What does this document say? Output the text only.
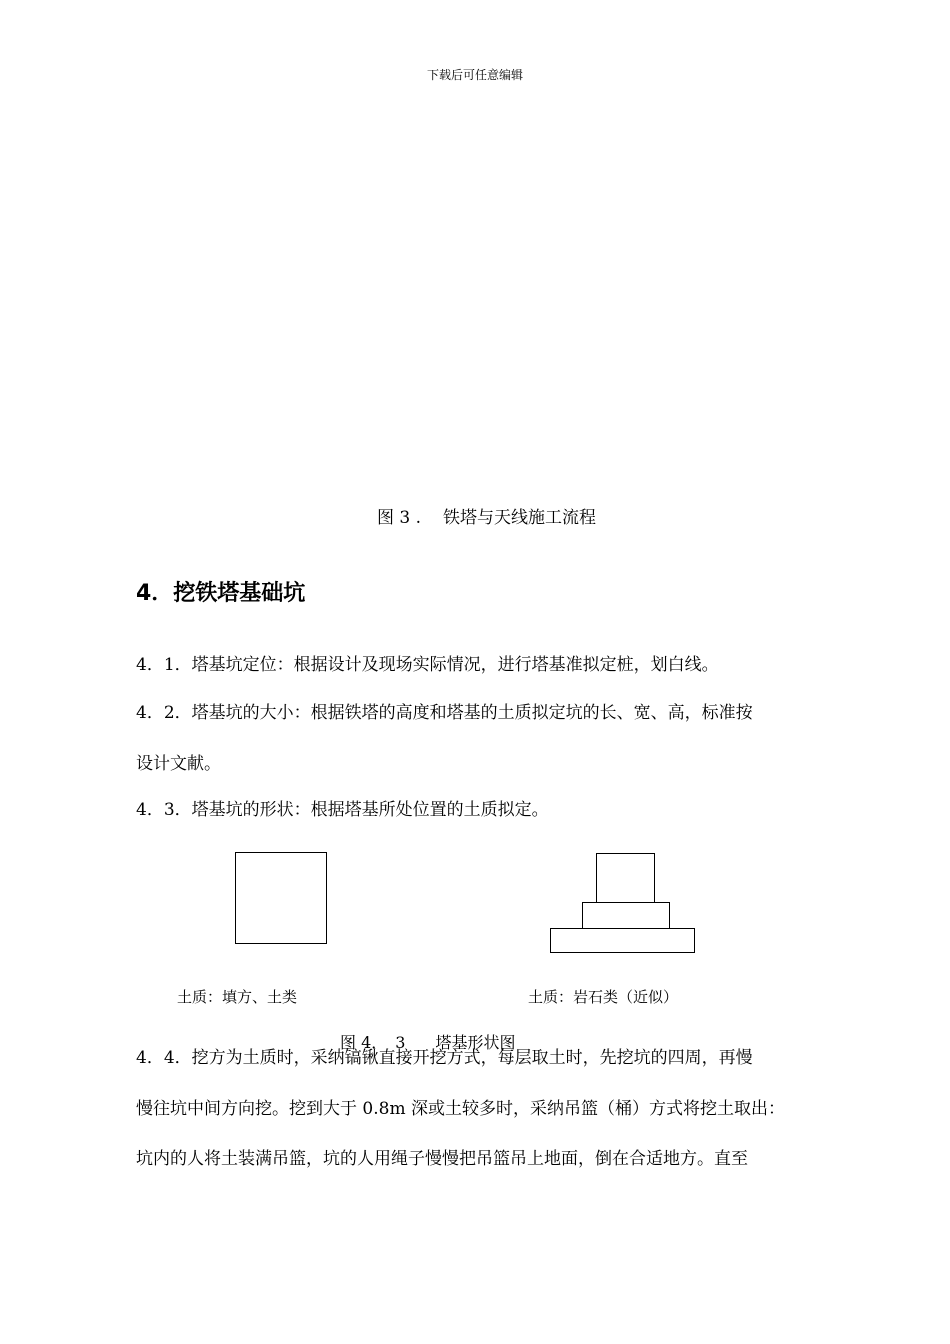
下载后可任意编辑
图 3 . 铁塔与天线施工流程
4．挖铁塔基础坑
4．1．塔基坑定位：根据设计及现场实际情况，进行塔基准拟定桩，划白线。
4．2．塔基坑的大小：根据铁塔的高度和塔基的土质拟定坑的长、宽、高，标准按
设计文献。
4．3．塔基坑的形状：根据塔基所处位置的土质拟定。
土质：填方、土类	土质：岩石类（近似）
图 4．　3 塔基形状图
4．4．挖方为土质时，采纳镐锹直接开挖方式，每层取土时，先挖坑的四周，再慢
慢往坑中间方向挖。挖到大于 0.8m 深或土较多时，采纳吊篮（桶）方式将挖土取出：
坑内的人将土装满吊篮，坑的人用绳子慢慢把吊篮吊上地面，倒在合适地方。直至
